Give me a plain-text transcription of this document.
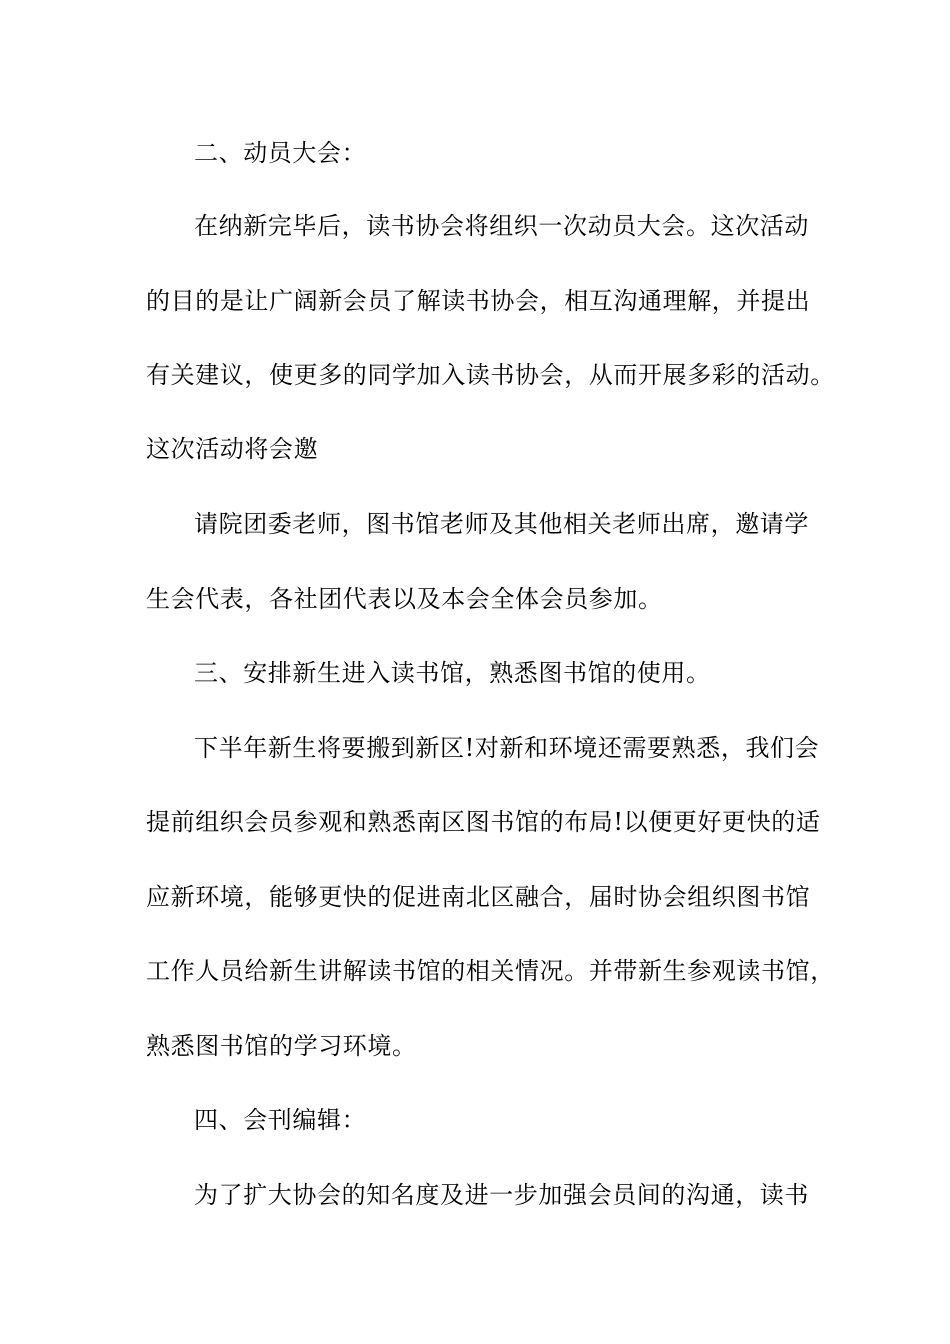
二、动员大会：
在纳新完毕后，读书协会将组织一次动员大会。这次活动
的目的是让广阔新会员了解读书协会，相互沟通理解，并提出
有关建议，使更多的同学加入读书协会，从而开展多彩的活动。
这次活动将会邀
请院团委老师，图书馆老师及其他相关老师出席，邀请学
生会代表，各社团代表以及本会全体会员参加。
三、安排新生进入读书馆，熟悉图书馆的使用。
下半年新生将要搬到新区!对新和环境还需要熟悉，我们会
提前组织会员参观和熟悉南区图书馆的布局!以便更好更快的适
应新环境，能够更快的促进南北区融合，届时协会组织图书馆
工作人员给新生讲解读书馆的相关情况。并带新生参观读书馆，
熟悉图书馆的学习环境。
四、会刊编辑：
为了扩大协会的知名度及进一步加强会员间的沟通，读书
